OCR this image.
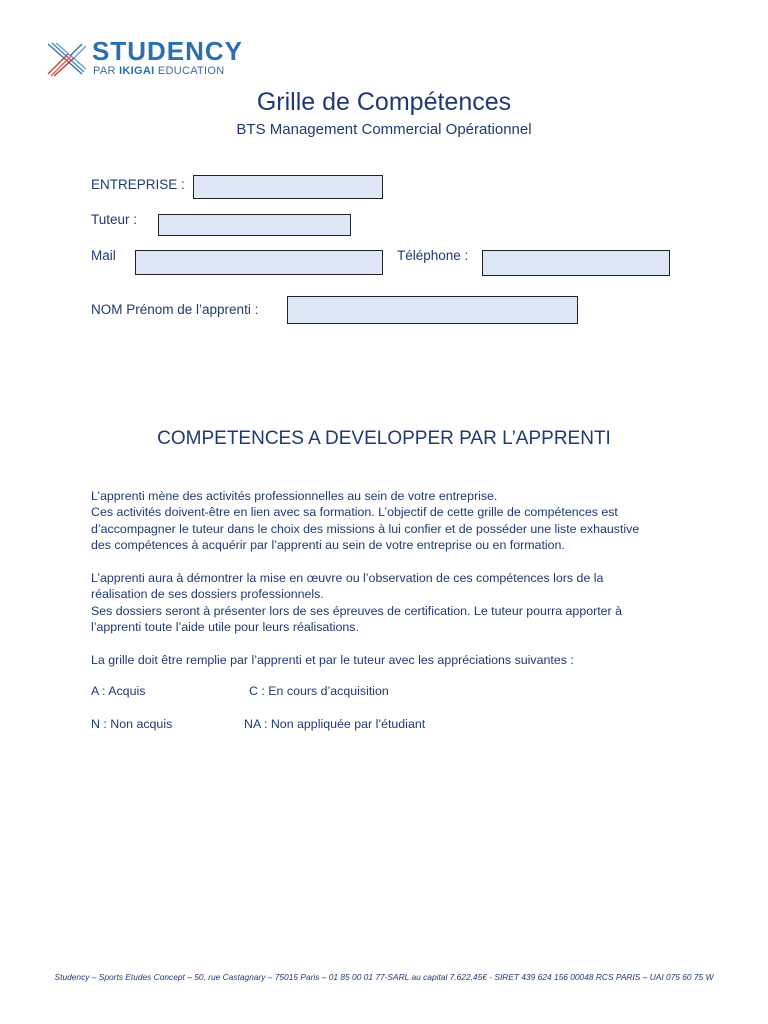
STUDENCY
PAR IKIGAI EDUCATION
Grille de Compétences
BTS Management Commercial Opérationnel
ENTREPRISE :
Tuteur :
Mail	Téléphone :
NOM Prénom de l’apprenti :
COMPETENCES A DEVELOPPER PAR L’APPRENTI

L’apprenti mène des activités professionnelles au sein de votre entreprise.

Ces activités doivent-être en lien avec sa formation. L’objectif de cette grille de compétences est d’accompagner le tuteur dans le choix des missions à lui confier et de posséder une liste exhaustive des compétences à acquérir par l’apprenti au sein de votre entreprise ou en formation.

L’apprenti aura à démontrer la mise en œuvre ou l’observation de ces compétences lors de la réalisation de ses dossiers professionnels.

Ses dossiers seront à présenter lors de ses épreuves de certification. Le tuteur pourra apporter à l’apprenti toute l’aide utile pour leurs réalisations.

La grille doit être remplie par l’apprenti et par le tuteur avec les appréciations suivantes :

A : Acquis	C : En cours d’acquisition
N : Non acquis	NA : Non appliquée par l’étudiant
Studency – Sports Etudes Concept – 50, rue Castagnary – 75015 Paris – 01 85 00 01 77-SARL au capital 7.622,45€ - SIRET 439 624 156 00048 RCS PARIS – UAI 075 60 75 W
